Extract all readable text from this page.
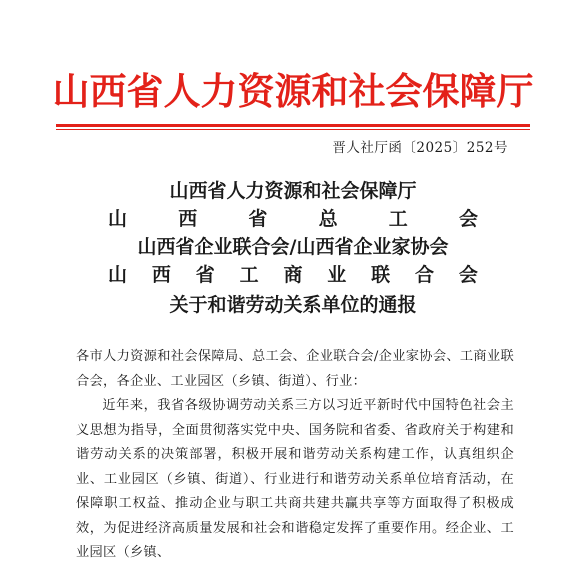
山西省人力资源和社会保障厅
晋人社厅函〔2025〕252号
山西省人力资源和社会保障厅
山	西	省	总	工	会
山西省企业联合会/山西省企业家协会
山 西 省 工 商 业 联 合 会
关于和谐劳动关系单位的通报

各市人力资源和社会保障局、总工会、企业联合会/企业家协会、工商业联合会，各企业、工业园区（乡镇、街道）、行业：

近年来，我省各级协调劳动关系三方以习近平新时代中国特色社会主义思想为指导，全面贯彻落实党中央、国务院和省委、省政府关于构建和谐劳动关系的决策部署，积极开展和谐劳动关系构建工作，认真组织企业、工业园区（乡镇、街道）、行业进行和谐劳动关系单位培育活动，在保障职工权益、推动企业与职工共商共建共赢共享等方面取得了积极成效，为促进经济高质量发展和社会和谐稳定发挥了重要作用。经企业、工业园区（乡镇、
